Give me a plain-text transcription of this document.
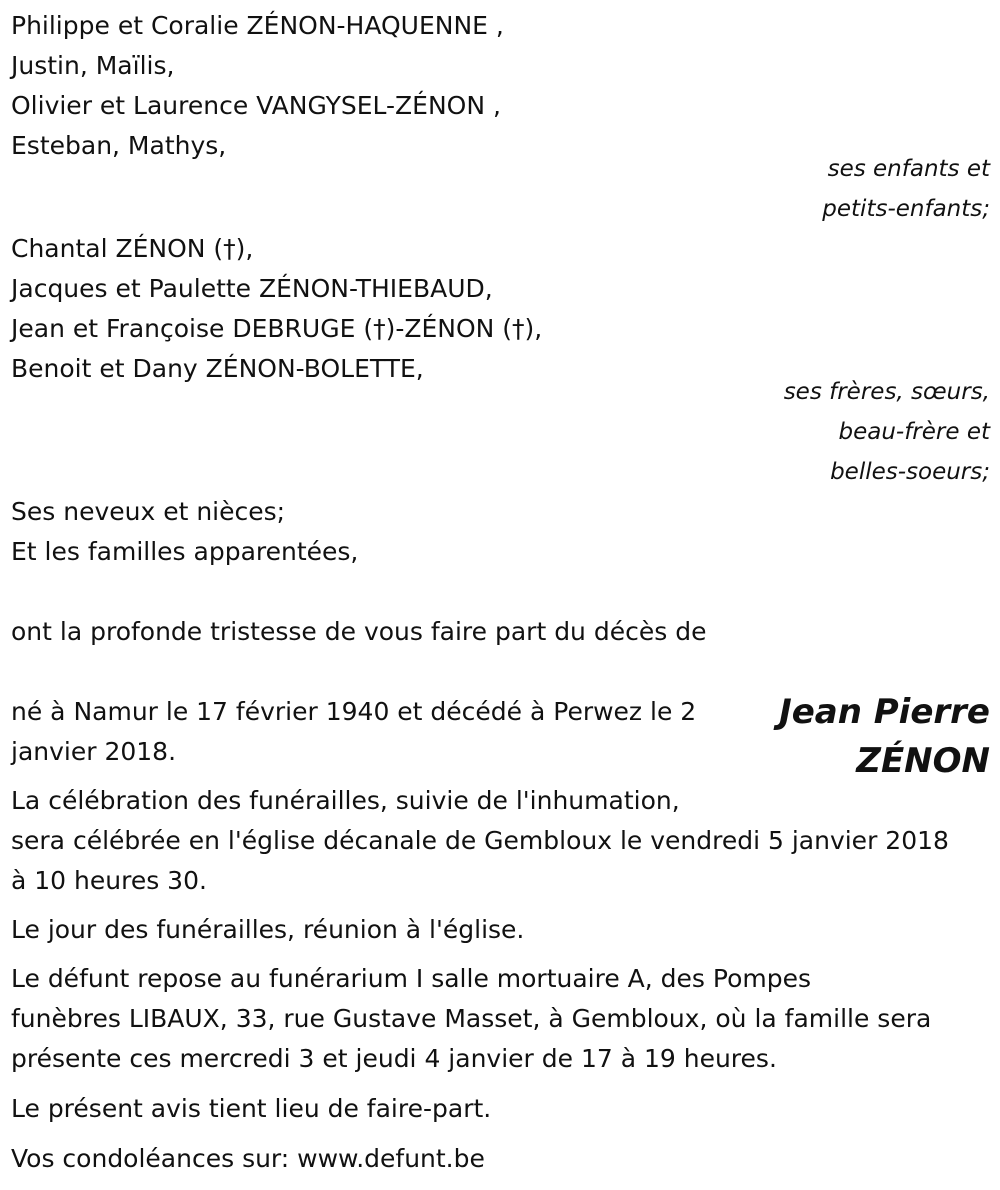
Philippe et Coralie ZÉNON-HAQUENNE ,
Justin, Maïlis,
Olivier et Laurence VANGYSEL-ZÉNON ,
Esteban, Mathys,
ses enfants et
petits-enfants;
Chantal ZÉNON (†),
Jacques et Paulette ZÉNON-THIEBAUD,
Jean et Françoise DEBRUGE (†)-ZÉNON (†),
Benoit et Dany ZÉNON-BOLETTE,
ses frères, sœurs,
beau-frère et
belles-soeurs;
Ses neveux et nièces;
Et les familles apparentées,
ont la profonde tristesse de vous faire part du décès de
né à Namur le 17 février 1940 et décédé à Perwez le 2 janvier 2018.
Jean Pierre
ZÉNON
La célébration des funérailles, suivie de l'inhumation,
sera célébrée en l'église décanale de Gembloux le vendredi 5 janvier 2018
à 10 heures 30.
Le jour des funérailles, réunion à l'église.
Le défunt repose au funérarium I salle mortuaire A, des Pompes
funèbres LIBAUX, 33, rue Gustave Masset, à Gembloux, où la famille sera
présente ces mercredi 3 et jeudi 4 janvier de 17 à 19 heures.
Le présent avis tient lieu de faire-part.
Vos condoléances sur: www.defunt.be
